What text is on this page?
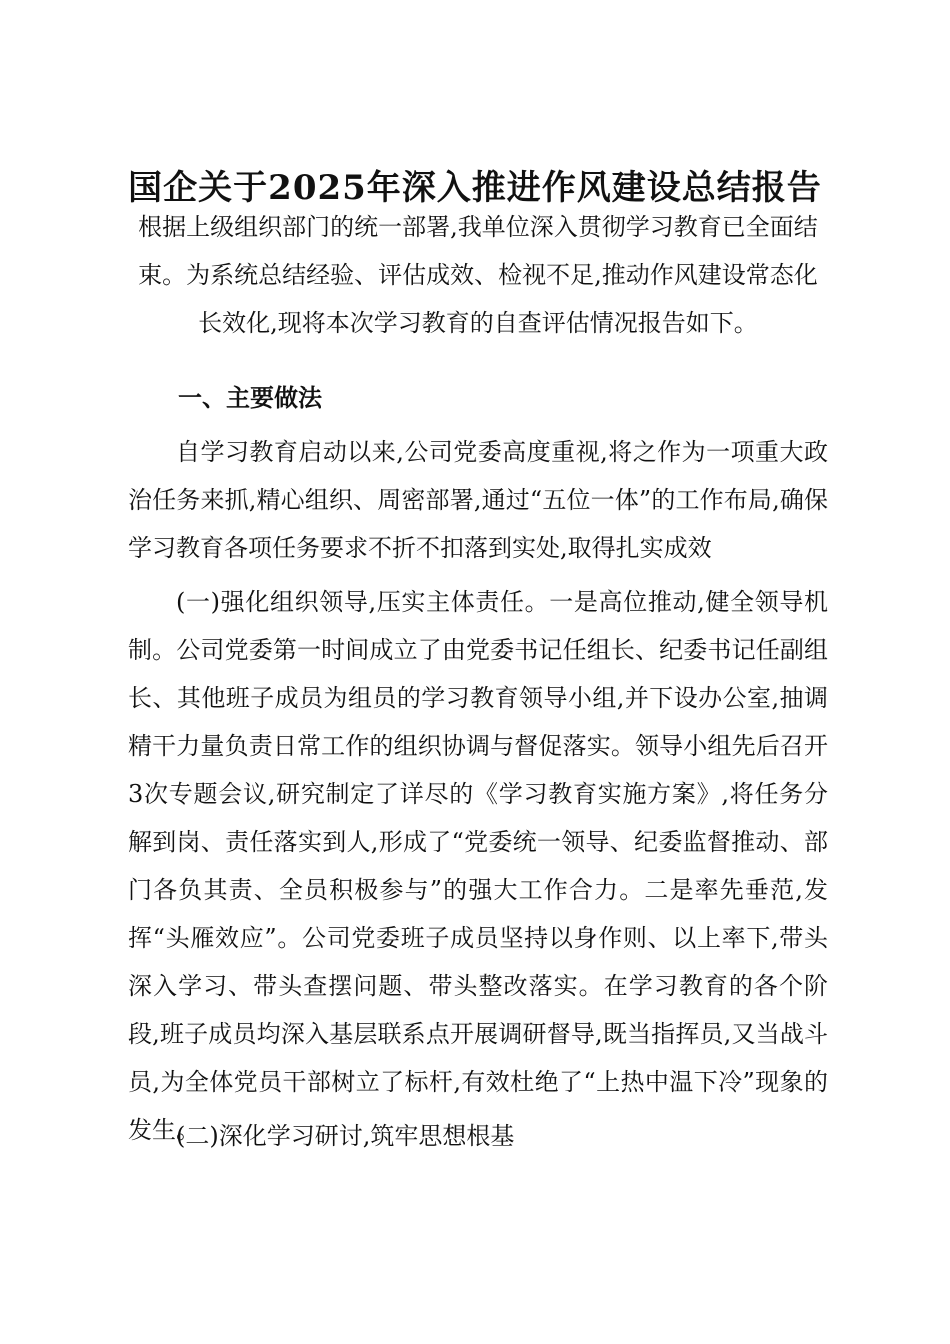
国企关于2025年深入推进作风建设总结报告

根据上级组织部门的统一部署,我单位深入贯彻学习教育已全面结束。为系统总结经验、评估成效、检视不足,推动作风建设常态化长效化,现将本次学习教育的自查评估情况报告如下。

一、主要做法

自学习教育启动以来,公司党委高度重视,将之作为一项重大政治任务来抓,精心组织、周密部署,通过“五位一体”的工作布局,确保学习教育各项任务要求不折不扣落到实处,取得扎实成效

(一)强化组织领导,压实主体责任。一是高位推动,健全领导机制。公司党委第一时间成立了由党委书记任组长、纪委书记任副组长、其他班子成员为组员的学习教育领导小组,并下设办公室,抽调精干力量负责日常工作的组织协调与督促落实。领导小组先后召开3次专题会议,研究制定了详尽的《学习教育实施方案》,将任务分解到岗、责任落实到人,形成了“党委统一领导、纪委监督推动、部门各负其责、全员积极参与”的强大工作合力。二是率先垂范,发挥“头雁效应”。公司党委班子成员坚持以身作则、以上率下,带头深入学习、带头查摆问题、带头整改落实。在学习教育的各个阶段,班子成员均深入基层联系点开展调研督导,既当指挥员,又当战斗员,为全体党员干部树立了标杆,有效杜绝了“上热中温下冷”现象的发生。

(二)深化学习研讨,筑牢思想根基
